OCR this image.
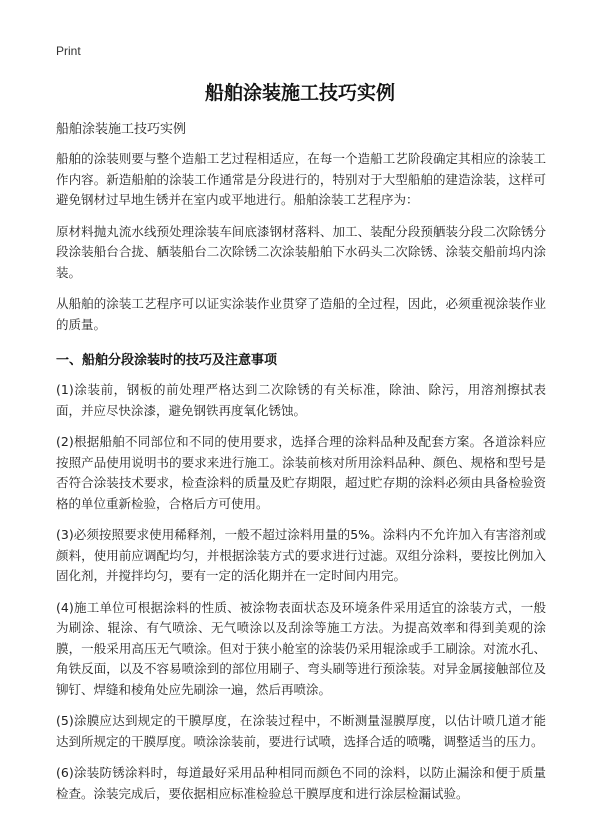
Print
船舶涂装施工技巧实例
船舶涂装施工技巧实例

船舶的涂装则要与整个造船工艺过程相适应，在每一个造船工艺阶段确定其相应的涂装工作内容。新造船舶的涂装工作通常是分段进行的，特别对于大型船舶的建造涂装，这样可避免钢材过早地生锈并在室内或平地进行。船舶涂装工艺程序为：

原材料抛丸流水线预处理涂装车间底漆钢材落料、加工、装配分段预舾装分段二次除锈分段涂装船台合拢、舾装船台二次除锈二次涂装船舶下水码头二次除锈、涂装交船前坞内涂装。

从船舶的涂装工艺程序可以证实涂装作业贯穿了造船的全过程，因此，必须重视涂装作业的质量。

一、船舶分段涂装时的技巧及注意事项

(1)涂装前，钢板的前处理严格达到二次除锈的有关标准，除油、除污，用溶剂擦拭表面，并应尽快涂漆，避免钢铁再度氧化锈蚀。

(2)根据船舶不同部位和不同的使用要求，选择合理的涂料品种及配套方案。各道涂料应按照产品使用说明书的要求来进行施工。涂装前核对所用涂料品种、颜色、规格和型号是否符合涂装技术要求，检查涂料的质量及贮存期限，超过贮存期的涂料必须由具备检验资格的单位重新检验，合格后方可使用。

(3)必须按照要求使用稀释剂，一般不超过涂料用量的5%。涂料内不允许加入有害溶剂或颜料，使用前应调配均匀，并根据涂装方式的要求进行过滤。双组分涂料，要按比例加入固化剂，并搅拌均匀，要有一定的活化期并在一定时间内用完。

(4)施工单位可根据涂料的性质、被涂物表面状态及环境条件采用适宜的涂装方式，一般为刷涂、辊涂、有气喷涂、无气喷涂以及刮涂等施工方法。为提高效率和得到美观的涂膜，一般采用高压无气喷涂。但对于狭小舱室的涂装仍采用辊涂或手工刷涂。对流水孔、角铁反面，以及不容易喷涂到的部位用刷子、弯头刷等进行预涂装。对异金属接触部位及铆钉、焊缝和棱角处应先刷涂一遍，然后再喷涂。

(5)涂膜应达到规定的干膜厚度，在涂装过程中，不断测量湿膜厚度，以估计喷几道才能达到所规定的干膜厚度。喷涂涂装前，要进行试喷，选择合适的喷嘴，调整适当的压力。

(6)涂装防锈涂料时，每道最好采用品种相同而颜色不同的涂料，以防止漏涂和便于质量检查。涂装完成后，要依据相应标准检验总干膜厚度和进行涂层检漏试验。
